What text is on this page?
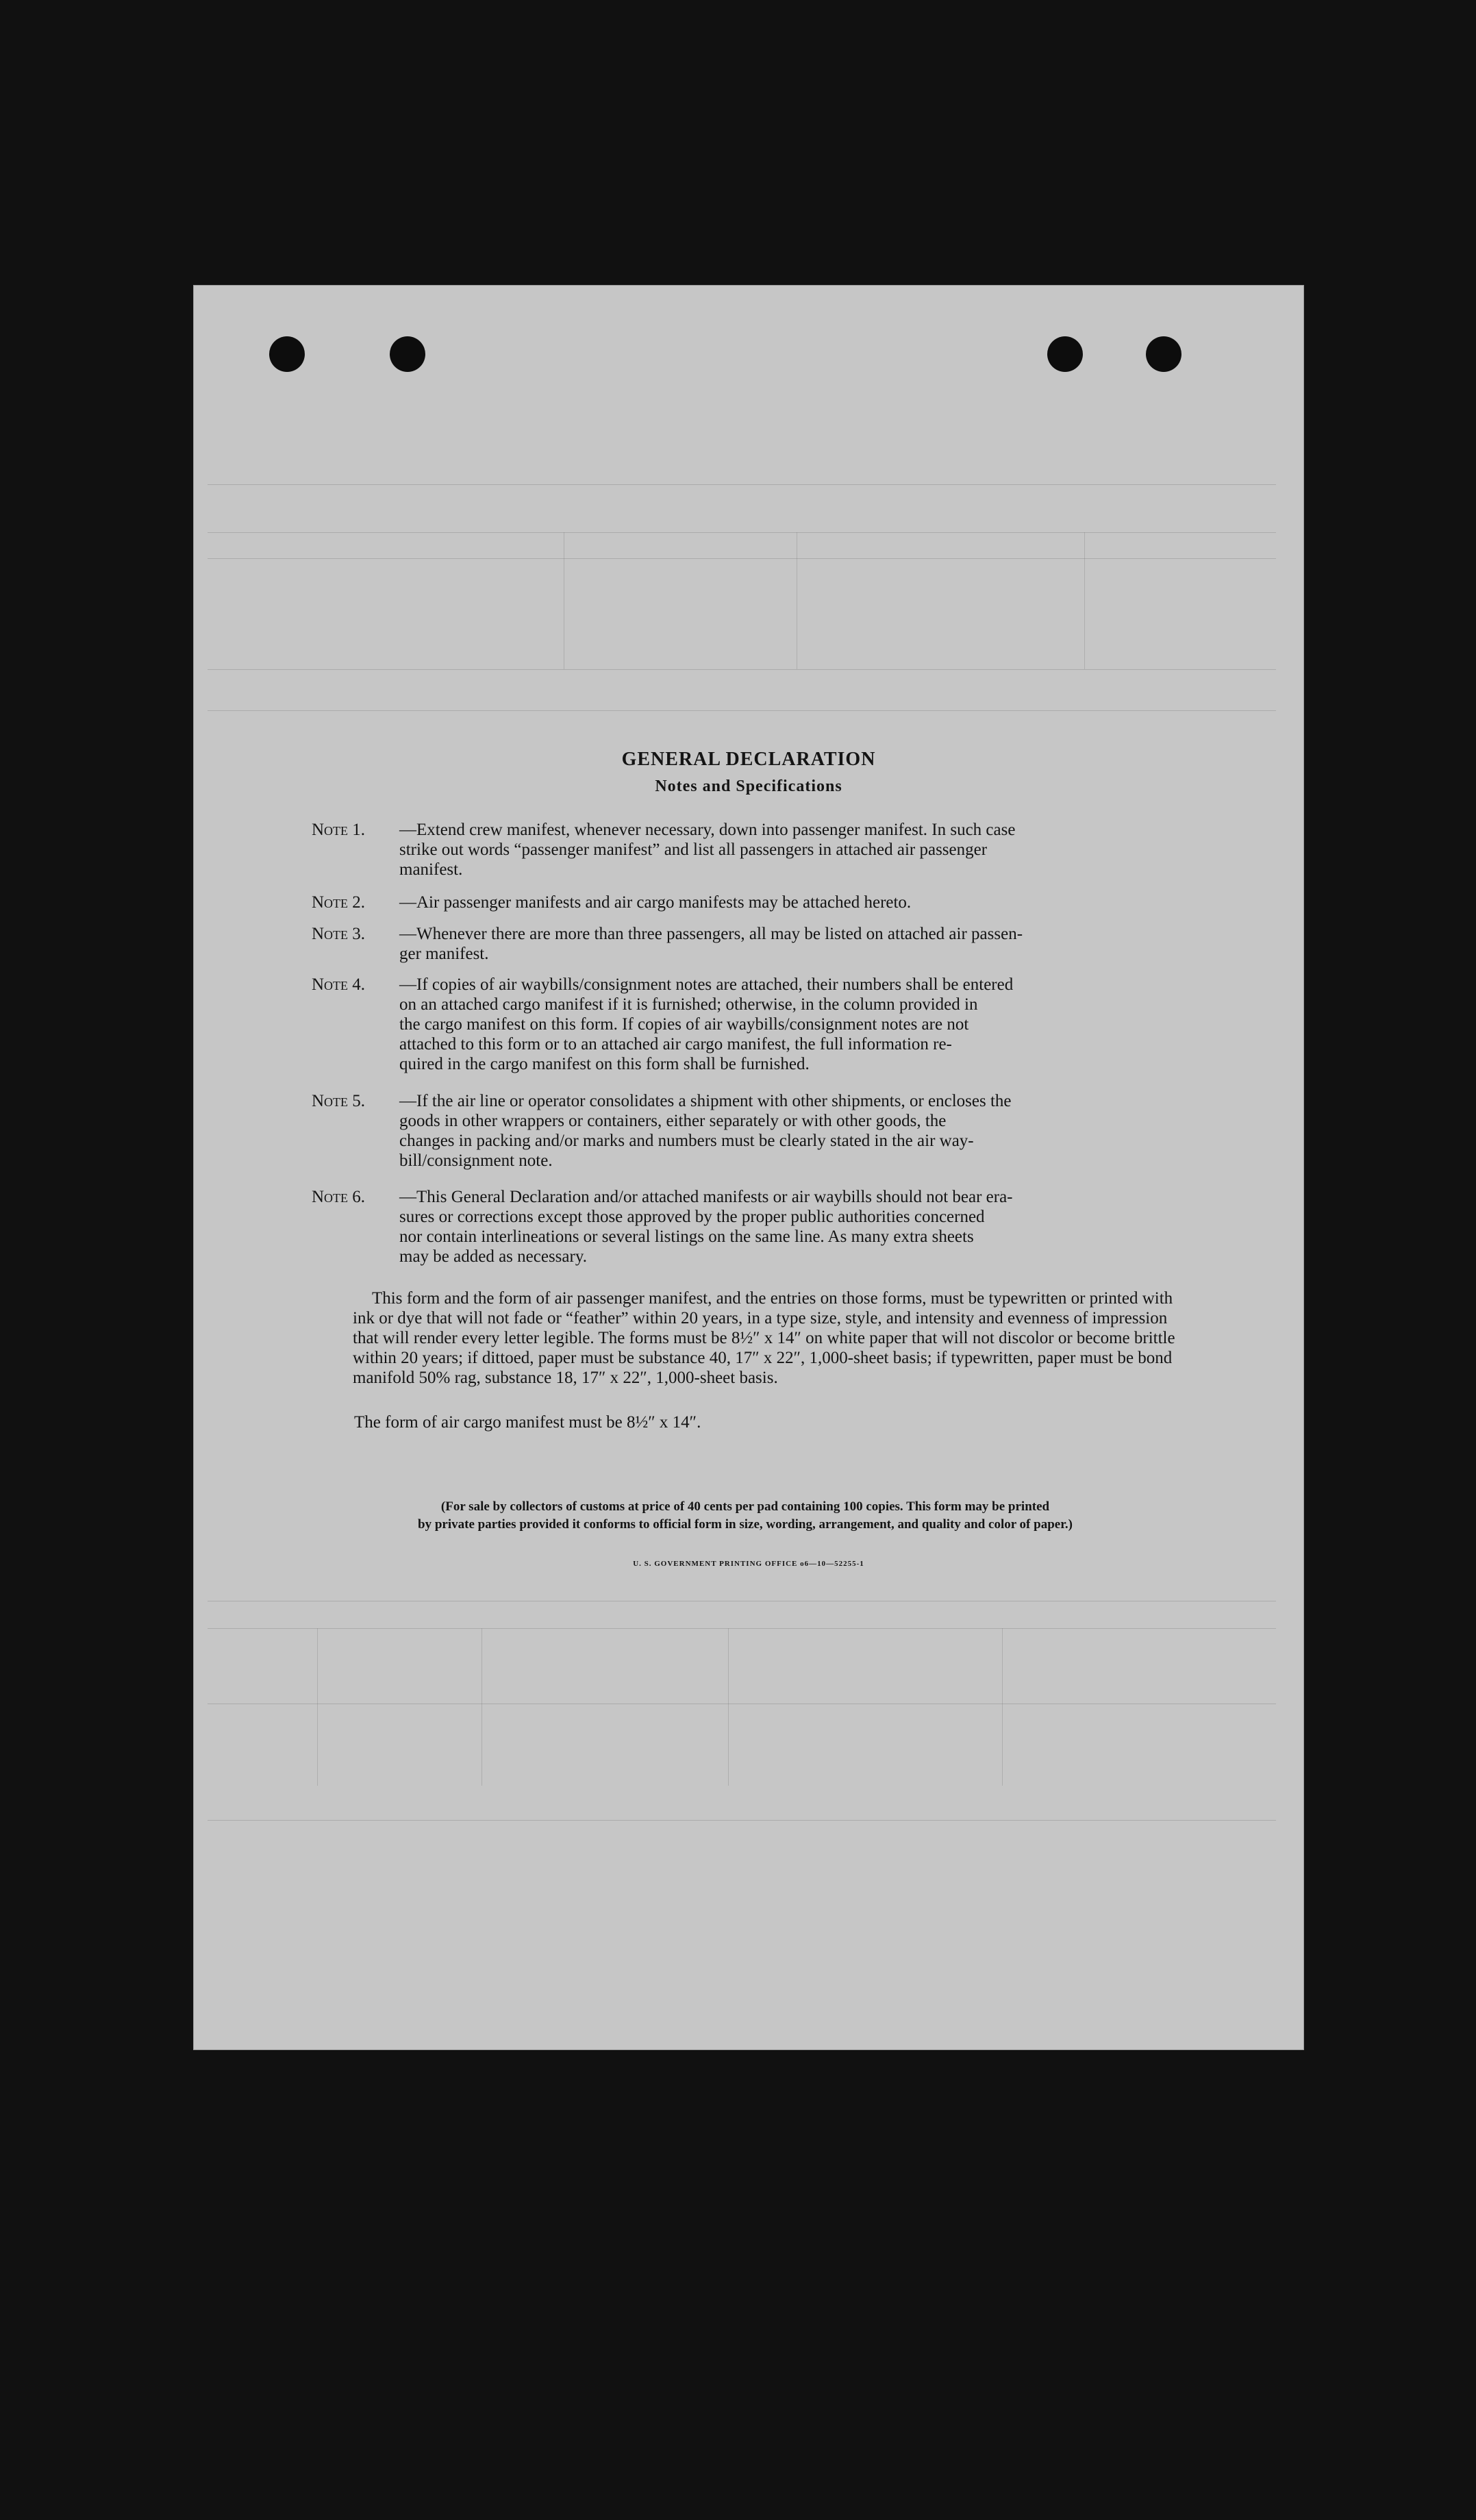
GENERAL DECLARATION
Notes and Specifications
Note 1.	—Extend crew manifest, whenever necessary, down into passenger manifest. In such case
strike out words “passenger manifest” and list all passengers in attached air passenger
manifest.
Note 2.	—Air passenger manifests and air cargo manifests may be attached hereto.
Note 3.	—Whenever there are more than three passengers, all may be listed on attached air passen-
ger manifest.
Note 4.	—If copies of air waybills/consignment notes are attached, their numbers shall be entered
on an attached cargo manifest if it is furnished; otherwise, in the column provided in
the cargo manifest on this form. If copies of air waybills/consignment notes are not
attached to this form or to an attached air cargo manifest, the full information re-
quired in the cargo manifest on this form shall be furnished.
Note 5.	—If the air line or operator consolidates a shipment with other shipments, or encloses the
goods in other wrappers or containers, either separately or with other goods, the
changes in packing and/or marks and numbers must be clearly stated in the air way-
bill/consignment note.
Note 6.	—This General Declaration and/or attached manifests or air waybills should not bear era-
sures or corrections except those approved by the proper public authorities concerned
nor contain interlineations or several listings on the same line. As many extra sheets
may be added as necessary.
This form and the form of air passenger manifest, and the entries on those forms, must be typewritten or printed with ink or dye that will not fade or “feather” within 20 years, in a type size, style, and intensity and evenness of impression that will render every letter legible. The forms must be 8½″ x 14″ on white paper that will not discolor or become brittle within 20 years; if dittoed, paper must be substance 40, 17″ x 22″, 1,000-sheet basis; if typewritten, paper must be bond manifold 50% rag, substance 18, 17″ x 22″, 1,000-sheet basis.
The form of air cargo manifest must be 8½″ x 14″.
(For sale by collectors of customs at price of 40 cents per pad containing 100 copies. This form may be printed
by private parties provided it conforms to official form in size, wording, arrangement, and quality and color of paper.)
U. S. GOVERNMENT PRINTING OFFICE o6—10—52255-1
